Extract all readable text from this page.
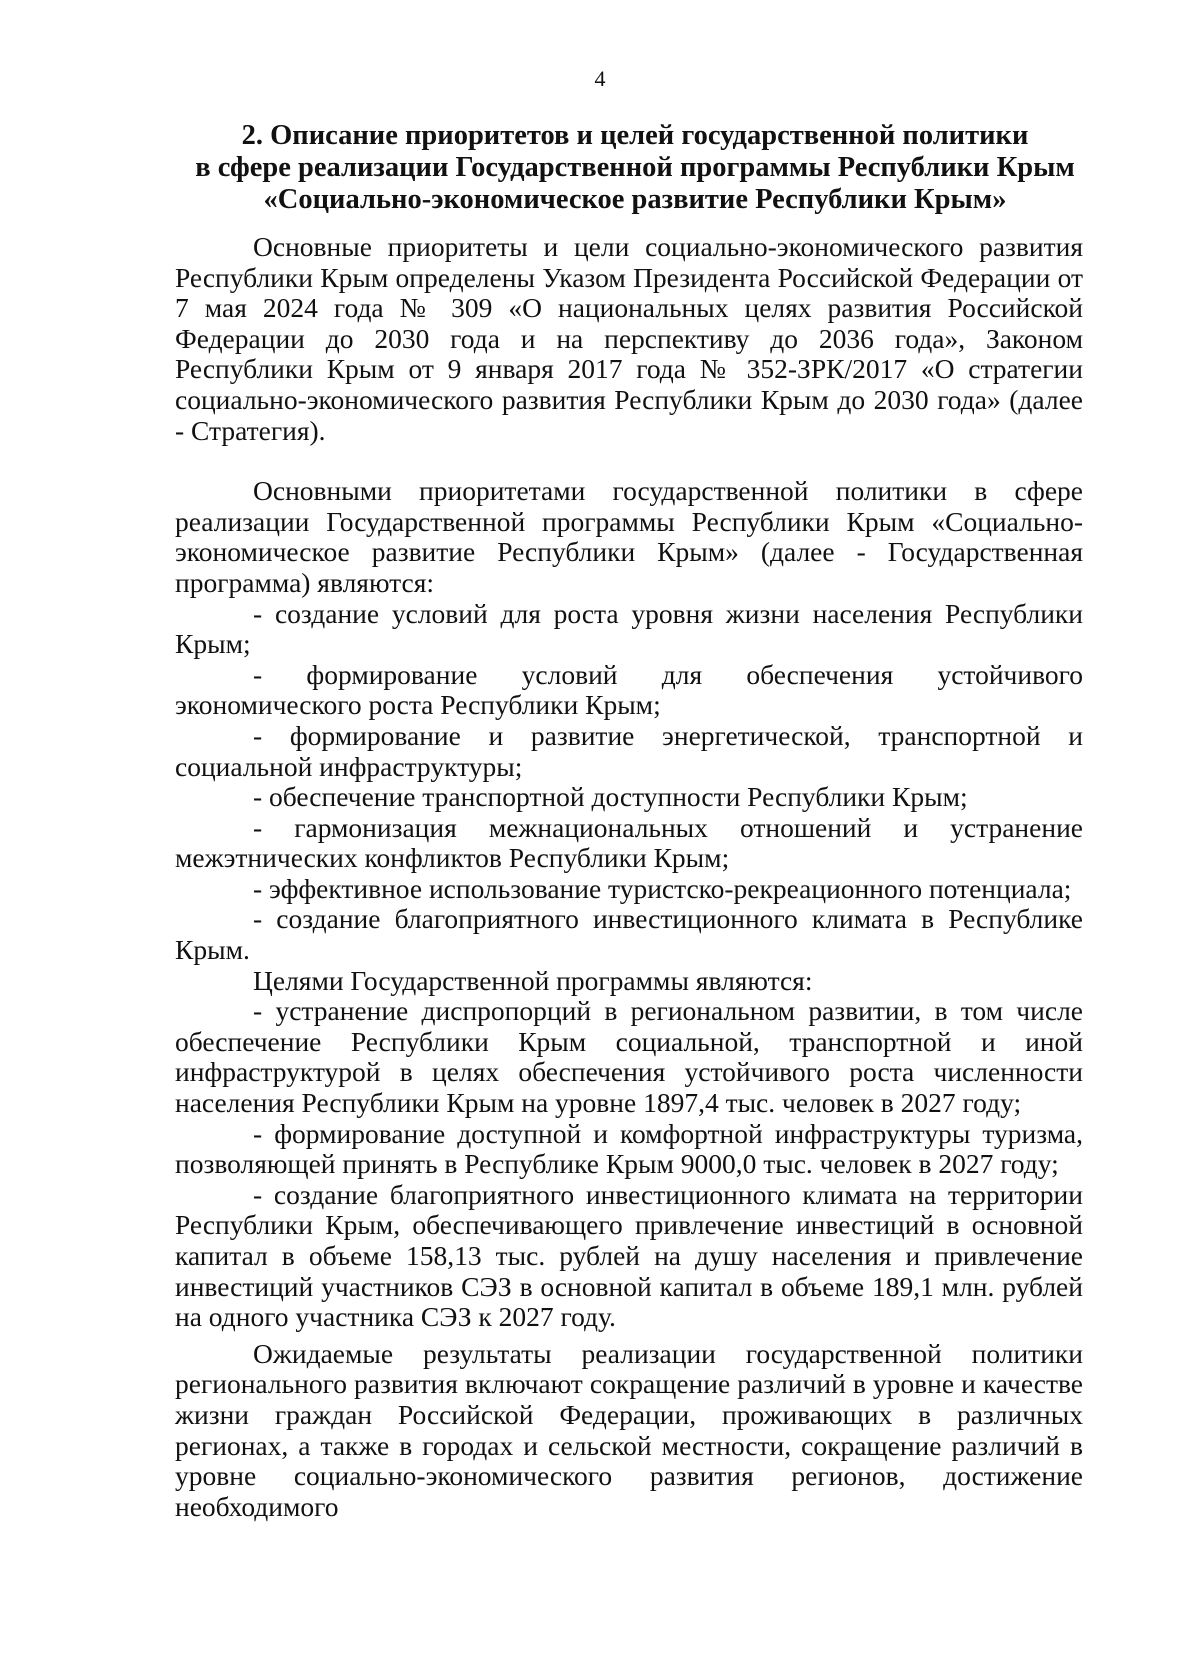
4
2. Описание приоритетов и целей государственной политики
в сфере реализации Государственной программы Республики Крым
«Социально-экономическое развитие Республики Крым»

Основные приоритеты и цели социально-экономического развития Республики Крым определены Указом Президента Российской Федерации от 7 мая 2024 года № 309 «О национальных целях развития Российской Федерации до 2030 года и на перспективу до 2036 года», Законом Республики Крым от 9 января 2017 года № 352-ЗРК/2017 «О стратегии социально-экономического развития Республики Крым до 2030 года» (далее - Стратегия).

Основными приоритетами государственной политики в сфере реализации Государственной программы Республики Крым «Социально-экономическое развитие Республики Крым» (далее - Государственная программа) являются:

- создание условий для роста уровня жизни населения Республики Крым;

- формирование условий для обеспечения устойчивого экономического роста Республики Крым;

- формирование и развитие энергетической, транспортной и социальной инфраструктуры;

- обеспечение транспортной доступности Республики Крым;

- гармонизация межнациональных отношений и устранение межэтнических конфликтов Республики Крым;

- эффективное использование туристско-рекреационного потенциала;

- создание благоприятного инвестиционного климата в Республике Крым.

Целями Государственной программы являются:

- устранение диспропорций в региональном развитии, в том числе обеспечение Республики Крым социальной, транспортной и иной инфраструктурой в целях обеспечения устойчивого роста численности населения Республики Крым на уровне 1897,4 тыс. человек в 2027 году;

- формирование доступной и комфортной инфраструктуры туризма, позволяющей принять в Республике Крым 9000,0 тыс. человек в 2027 году;

- создание благоприятного инвестиционного климата на территории Республики Крым, обеспечивающего привлечение инвестиций в основной капитал в объеме 158,13 тыс. рублей на душу населения и привлечение инвестиций участников СЭЗ в основной капитал в объеме 189,1 млн. рублей на одного участника СЭЗ к 2027 году.

Ожидаемые результаты реализации государственной политики регионального развития включают сокращение различий в уровне и качестве жизни граждан Российской Федерации, проживающих в различных регионах, а также в городах и сельской местности, сокращение различий в уровне социально-экономического развития регионов, достижение необходимого
